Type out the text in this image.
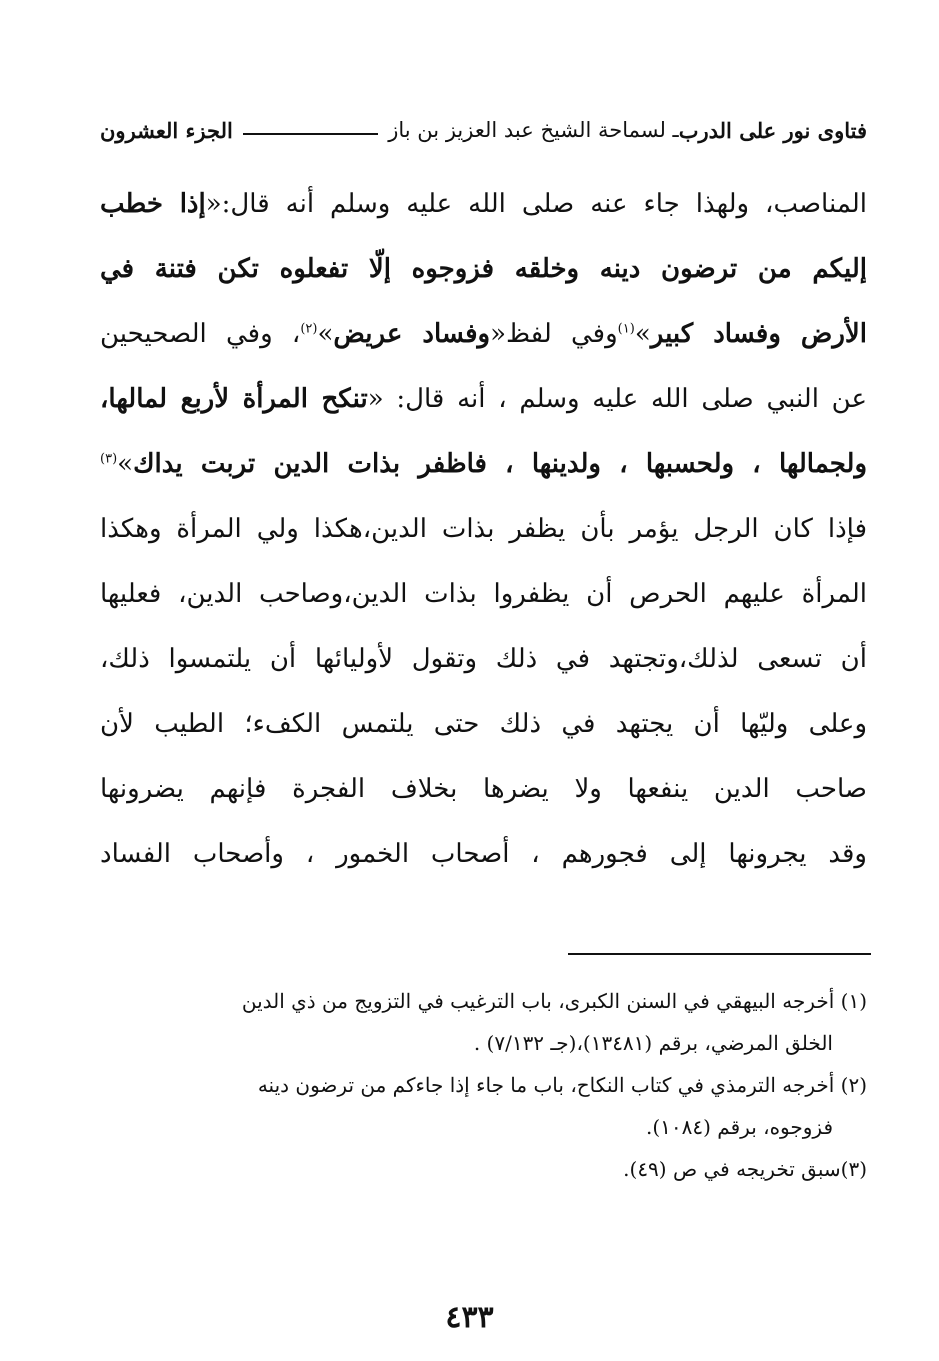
فتاوى نور على الدرب
ـ لسماحة الشيخ عبد العزيز بن باز
الجزء العشرون
المناصب، ولهذا جاء عنه صلى الله عليه وسلم أنه قال:«إذا خطب
إليكم من ترضون دينه وخلقه فزوجوه إلّا تفعلوه تكن فتنة في
الأرض وفساد كبير»$^{(١)}$وفي لفظ«وفساد عريض»$^{(٢)}$، وفي الصحيحين
عن النبي صلى الله عليه وسلم ، أنه قال: «تنكح المرأة لأربع لمالها،
ولجمالها ، ولحسبها ، ولدينها ، فاظفر بذات الدين تربت يداك»$^{(٣)}$
فإذا كان الرجل يؤمر بأن يظفر بذات الدين،هكذا ولي المرأة وهكذا
المرأة عليهم الحرص أن يظفروا بذات الدين،وصاحب الدين، فعليها
أن تسعى لذلك،وتجتهد في ذلك وتقول لأوليائها أن يلتمسوا ذلك،
وعلى وليّها أن يجتهد في ذلك حتى يلتمس الكفء؛ الطيب لأن
صاحب الدين ينفعها ولا يضرها بخلاف الفجرة فإنهم يضرونها
وقد يجرونها إلى فجورهم ، أصحاب الخمور ، وأصحاب الفساد
(١) أخرجه البيهقي في السنن الكبرى، باب الترغيب في التزويج من ذي الدين
الخلق المرضي، برقم (١٣٤٨١)،(جـ ٧/١٣٢) .
(٢) أخرجه الترمذي في كتاب النكاح، باب ما جاء إذا جاءكم من ترضون دينه
فزوجوه، برقم (١٠٨٤).
(٣)سبق تخريجه في ص (٤٩).
٤٣٣
